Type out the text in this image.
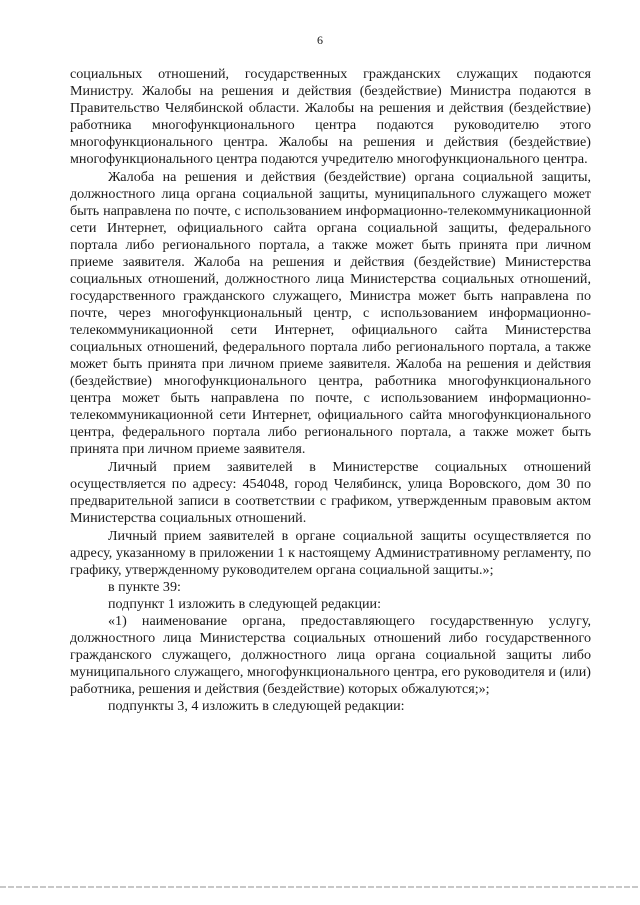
6

социальных отношений, государственных гражданских служащих подаются Министру. Жалобы на решения и действия (бездействие) Министра подаются в Правительство Челябинской области. Жалобы на решения и действия (бездействие) работника многофункционального центра подаются руководителю этого многофункционального центра. Жалобы на решения и действия (бездействие) многофункционального центра подаются учредителю многофункционального центра.

Жалоба на решения и действия (бездействие) органа социальной защиты, должностного лица органа социальной защиты, муниципального служащего может быть направлена по почте, с использованием информационно-телекоммуникационной сети Интернет, официального сайта органа социальной защиты, федерального портала либо регионального портала, а также может быть принята при личном приеме заявителя. Жалоба на решения и действия (бездействие) Министерства социальных отношений, должностного лица Министерства социальных отношений, государственного гражданского служащего, Министра может быть направлена по почте, через многофункциональный центр, с использованием информационно-телекоммуникационной сети Интернет, официального сайта Министерства социальных отношений, федерального портала либо регионального портала, а также может быть принята при личном приеме заявителя. Жалоба на решения и действия (бездействие) многофункционального центра, работника многофункционального центра может быть направлена по почте, с использованием информационно-телекоммуникационной сети Интернет, официального сайта многофункционального центра, федерального портала либо регионального портала, а также может быть принята при личном приеме заявителя.

Личный прием заявителей в Министерстве социальных отношений осуществляется по адресу: 454048, город Челябинск, улица Воровского, дом 30 по предварительной записи в соответствии с графиком, утвержденным правовым актом Министерства социальных отношений.

Личный прием заявителей в органе социальной защиты осуществляется по адресу, указанному в приложении 1 к настоящему Административному регламенту, по графику, утвержденному руководителем органа социальной защиты.»;

в пункте 39:

подпункт 1 изложить в следующей редакции:

«1) наименование органа, предоставляющего государственную услугу, должностного лица Министерства социальных отношений либо государственного гражданского служащего, должностного лица органа социальной защиты либо муниципального служащего, многофункционального центра, его руководителя и (или) работника, решения и действия (бездействие) которых обжалуются;»;

подпункты 3, 4 изложить в следующей редакции:
